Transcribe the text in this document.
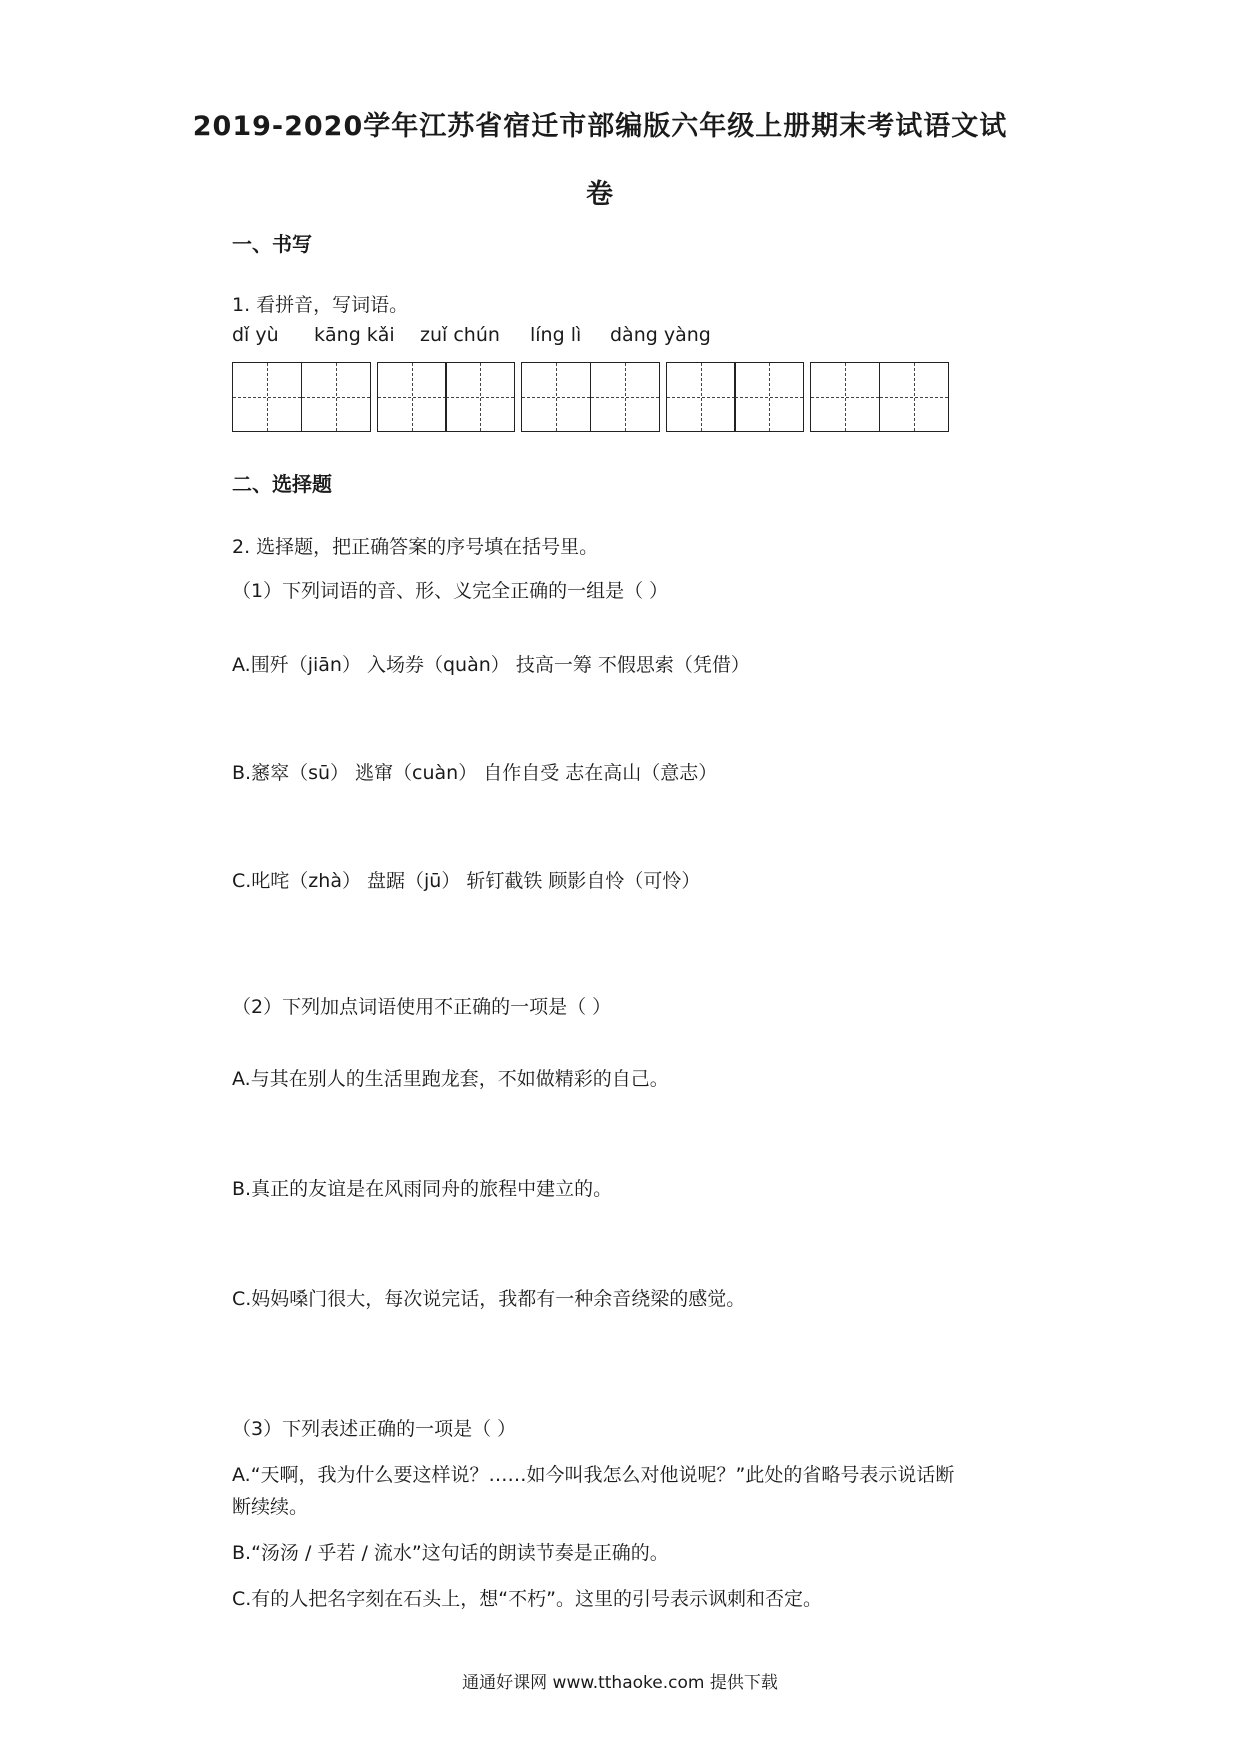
2019-2020学年江苏省宿迁市部编版六年级上册期末考试语文试
卷
一、书写
1. 看拼音，写词语。
dǐ yù kāng kǎi zuǐ chún líng lì dàng yàng
二、选择题
2. 选择题，把正确答案的序号填在括号里。
（1）下列词语的音、形、义完全正确的一组是（ ）
A.围歼（jiān） 入场券（quàn） 技高一筹 不假思索（凭借）
B.窸窣（sū） 逃窜（cuàn） 自作自受 志在高山（意志）
C.叱咤（zhà） 盘踞（jū） 斩钉截铁 顾影自怜（可怜）
（2）下列加点词语使用不正确的一项是（ ）
A.与其在别人的生活里跑龙套，不如做精彩的自己。
B.真正的友谊是在风雨同舟的旅程中建立的。
C.妈妈嗓门很大，每次说完话，我都有一种余音绕梁的感觉。
（3）下列表述正确的一项是（ ）
A.“天啊，我为什么要这样说？……如今叫我怎么对他说呢？”此处的省略号表示说话断
断续续。
B.“汤汤 / 乎若 / 流水”这句话的朗读节奏是正确的。
C.有的人把名字刻在石头上，想“不朽”。这里的引号表示讽刺和否定。
通通好课网 www.tthaoke.com 提供下载
